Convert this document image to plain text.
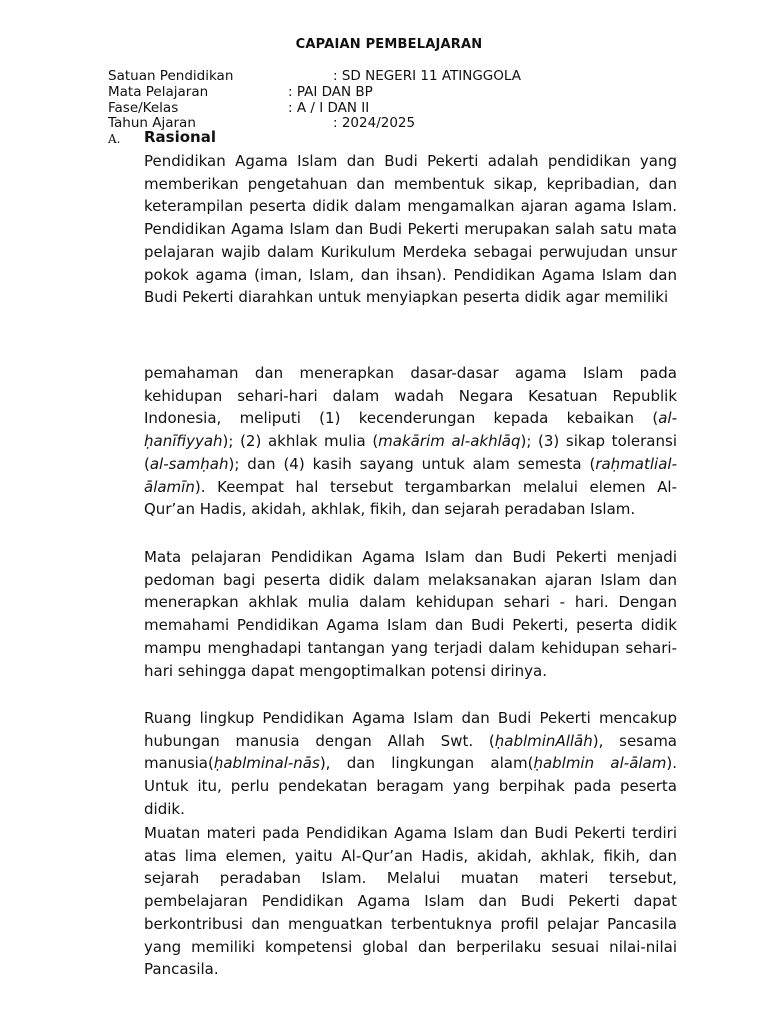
CAPAIAN PEMBELAJARAN
Satuan Pendidikan	: SD NEGERI 11 ATINGGOLA
Mata Pelajaran	: PAI DAN BP
Fase/Kelas	: A / I DAN II
Tahun Ajaran	: 2024/2025
A. Rasional

Pendidikan Agama Islam dan Budi Pekerti adalah pendidikan yang memberikan pengetahuan dan membentuk sikap, kepribadian, dan keterampilan peserta didik dalam mengamalkan ajaran agama Islam. Pendidikan Agama Islam dan Budi Pekerti merupakan salah satu mata pelajaran wajib dalam Kurikulum Merdeka sebagai perwujudan unsur pokok agama (iman, Islam, dan ihsan). Pendidikan Agama Islam dan Budi Pekerti diarahkan untuk menyiapkan peserta didik agar memiliki

pemahaman dan menerapkan dasar-dasar agama Islam pada kehidupan sehari-hari dalam wadah Negara Kesatuan Republik Indonesia, meliputi (1) kecenderungan kepada kebaikan (al- ḥanīfiyyah); (2) akhlak mulia (makārim al-akhlāq); (3) sikap toleransi (al-samḥah); dan (4) kasih sayang untuk alam semesta (raḥmatlial-ālamīn). Keempat hal tersebut tergambarkan melalui elemen Al-Qur’an Hadis, akidah, akhlak, fikih, dan sejarah peradaban Islam.

Mata pelajaran Pendidikan Agama Islam dan Budi Pekerti menjadi pedoman bagi peserta didik dalam melaksanakan ajaran Islam dan menerapkan akhlak mulia dalam kehidupan sehari - hari. Dengan memahami Pendidikan Agama Islam dan Budi Pekerti, peserta didik mampu menghadapi tantangan yang terjadi dalam kehidupan sehari-hari sehingga dapat mengoptimalkan potensi dirinya.

Ruang lingkup Pendidikan Agama Islam dan Budi Pekerti mencakup hubungan manusia dengan Allah Swt. (ḥablminAllāh), sesama manusia(ḥablminal-nās), dan lingkungan alam(ḥablmin al-ālam). Untuk itu, perlu pendekatan beragam yang berpihak pada peserta didik.

Muatan materi pada Pendidikan Agama Islam dan Budi Pekerti terdiri atas lima elemen, yaitu Al-Qur’an Hadis, akidah, akhlak, fikih, dan sejarah peradaban Islam. Melalui muatan materi tersebut, pembelajaran Pendidikan Agama Islam dan Budi Pekerti dapat berkontribusi dan menguatkan terbentuknya profil pelajar Pancasila yang memiliki kompetensi global dan berperilaku sesuai nilai-nilai Pancasila.
